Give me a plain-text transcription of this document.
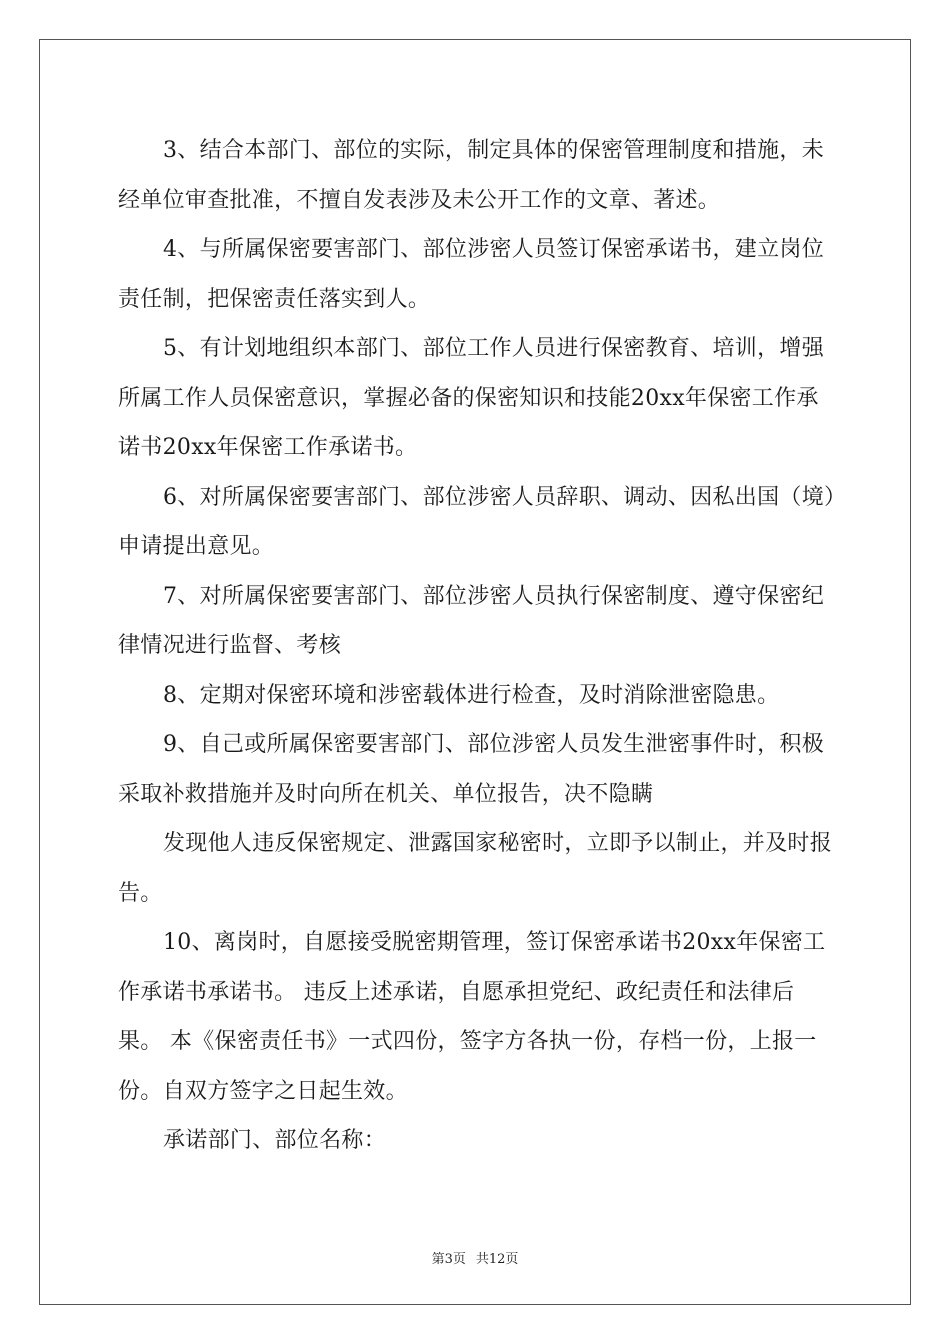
3、结合本部门、部位的实际，制定具体的保密管理制度和措施，未经单位审查批准，不擅自发表涉及未公开工作的文章、著述。

4、与所属保密要害部门、部位涉密人员签订保密承诺书，建立岗位责任制，把保密责任落实到人。

5、有计划地组织本部门、部位工作人员进行保密教育、培训，增强所属工作人员保密意识，掌握必备的保密知识和技能20xx年保密工作承诺书20xx年保密工作承诺书。

6、对所属保密要害部门、部位涉密人员辞职、调动、因私出国（境）申请提出意见。

7、对所属保密要害部门、部位涉密人员执行保密制度、遵守保密纪律情况进行监督、考核

8、定期对保密环境和涉密载体进行检查，及时消除泄密隐患。

9、自己或所属保密要害部门、部位涉密人员发生泄密事件时，积极采取补救措施并及时向所在机关、单位报告，决不隐瞒

发现他人违反保密规定、泄露国家秘密时，立即予以制止，并及时报告。

10、离岗时，自愿接受脱密期管理，签订保密承诺书20xx年保密工作承诺书承诺书。 违反上述承诺，自愿承担党纪、政纪责任和法律后果。 本《保密责任书》一式四份，签字方各执一份，存档一份，上报一份。自双方签字之日起生效。

承诺部门、部位名称：

第3页 共12页
